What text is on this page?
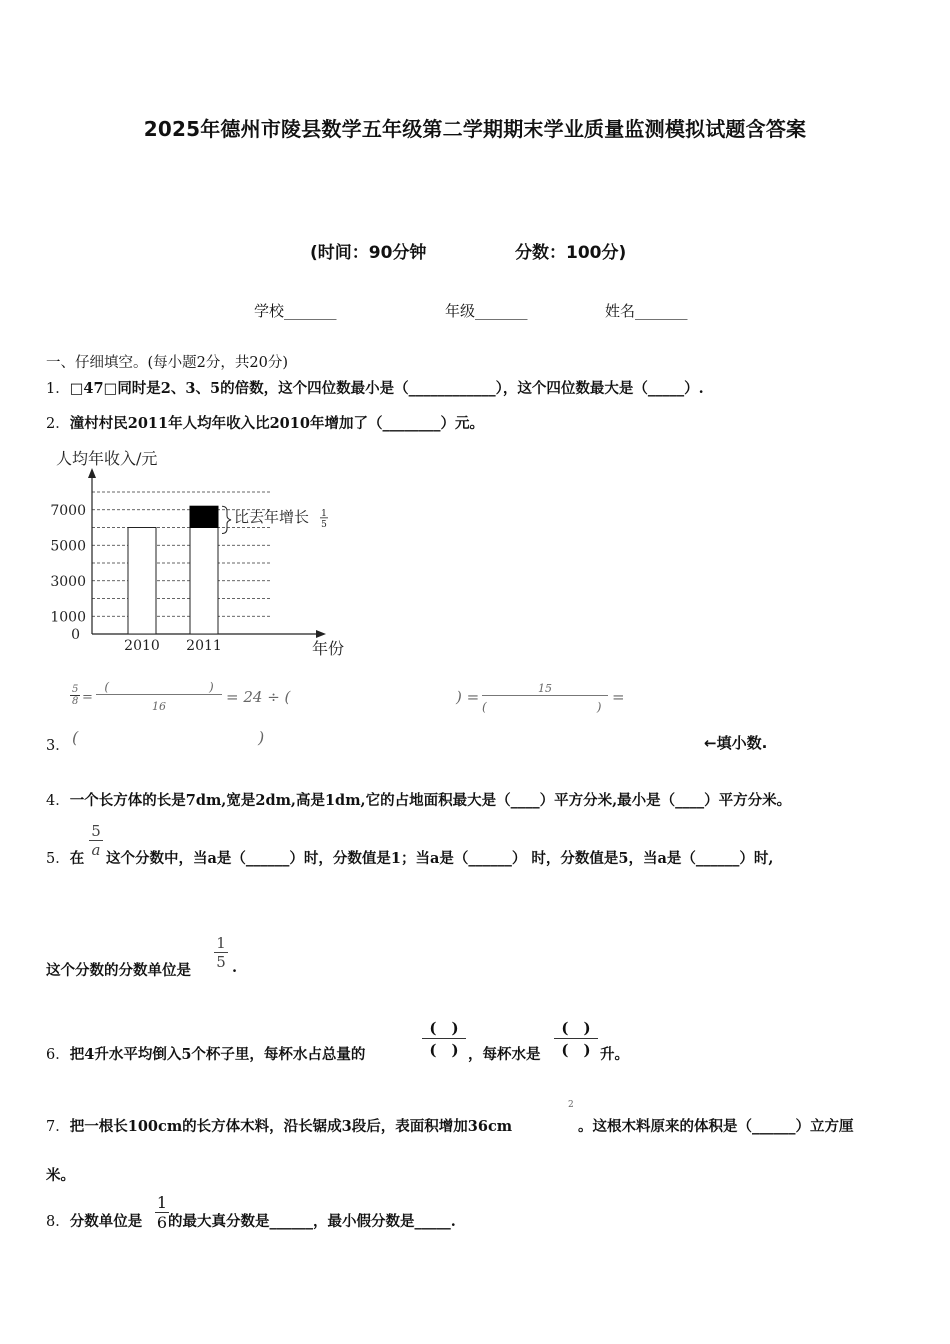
2025年德州市陵县数学五年级第二学期期末学业质量监测模拟试题含答案
(时间：90分钟	分数：100分)
学校_______	年级_______	姓名_______
一、仔细填空。(每小题2分，共20分)
1．□47□同时是2、3、5的倍数，这个四位数最小是（____________），这个四位数最大是（_____）.
2．潼村村民2011年人均年收入比2010年增加了（________）元。
人均年收入/元
年份
0
1000
3000
5000
7000
2010 2011
比去年增长 1
5
$\frac{5}{8}$ =
(	)
16
= 24 ÷ (	) =	15
(	)
=
3． (	)	←填小数.
4．一个长方体的长是7dm,宽是2dm,高是1dm,它的占地面积最大是（____）平方分米,最小是（____）平方分米。
5．在 $\frac{5}{a}$ 这个分数中，当a是（______）时，分数值是1；当a是（______） 时，分数值是5，当a是（______）时,
这个分数的分数单位是 $\frac{1}{5}$ .
6．把4升水平均倒入5个杯子里，每杯水占总量的
(　)
(　) ，每杯水是
(　)
(　) 升。
7．把一根长100cm的长方体木料，沿长锯成3段后，表面积增加36cm
2
。这根木料原来的体积是（______）立方厘
米。
8．分数单位是 $\frac{1}{6}$ 的最大真分数是______，最小假分数是_____.
